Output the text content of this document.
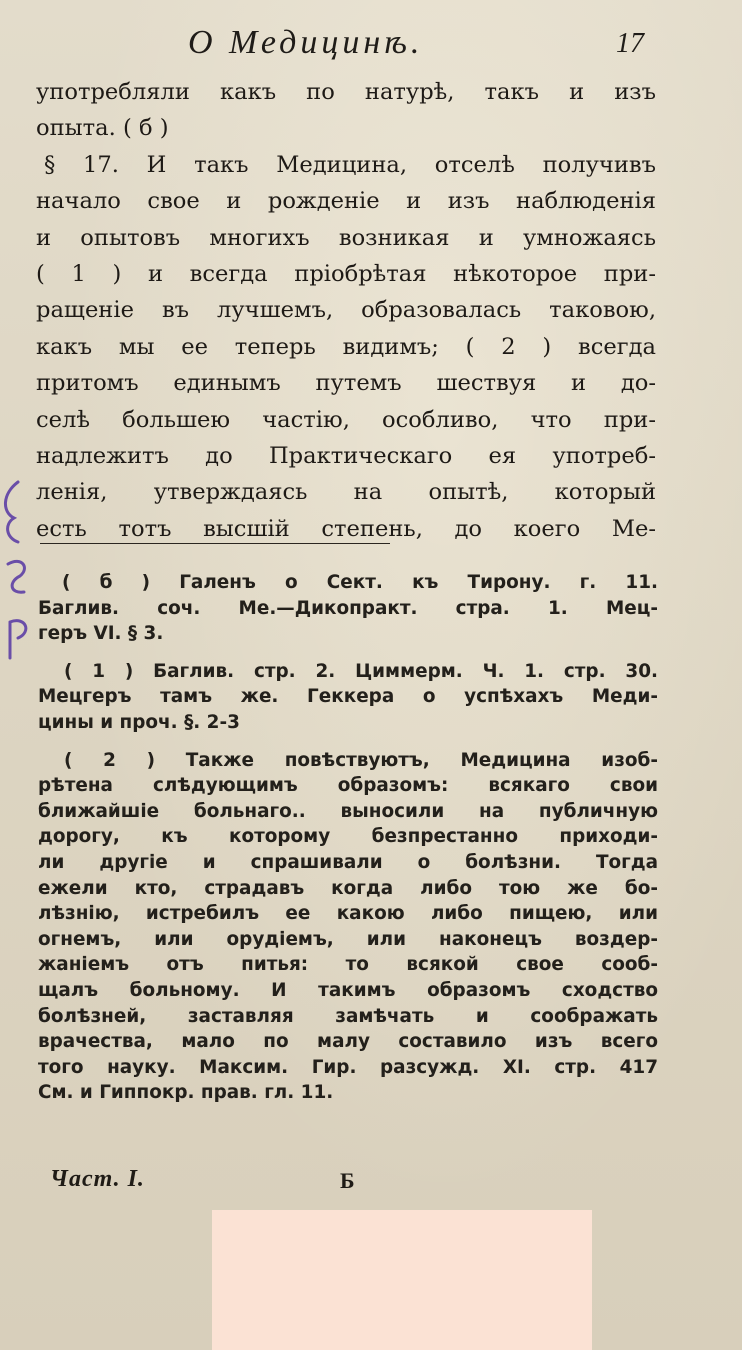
О Медицинѣ.	17
употребляли какъ по натурѣ, такъ и изъ
опыта. ( б )
§ 17. И такъ Медицина, отселѣ получивъ
начало свое и рожденіе и изъ наблюденія
и опытовъ многихъ возникая и умножаясь
( 1 ) и всегда пріобрѣтая нѣкоторое при-
ращеніе въ лучшемъ, образовалась таковою,
какъ мы ее теперь видимъ; ( 2 ) всегда
притомъ единымъ путемъ шествуя и до-
селѣ большею частію, особливо, что при-
надлежитъ до Практическаго ея употреб-
ленія, утверждаясь на опытѣ, который
есть тотъ высшій степень, до коего Ме-
( б ) Галенъ о Сект. къ Тирону. г. 11.
Баглив. соч. Ме.—Дикопракт. стра. 1. Мец-
геръ VI. § 3.
( 1 ) Баглив. стр. 2. Циммерм. Ч. 1. стр. 30.
Мецгеръ тамъ же. Геккера о успѣхахъ Меди-
цины и проч. §. 2-3
( 2 ) Также повѣствуютъ, Медицина изоб-
рѣтена слѣдующимъ образомъ: всякаго свои
ближайшіе больнаго.. выносили на публичную
дорогу, къ которому безпрестанно приходи-
ли другіе и спрашивали о болѣзни. Тогда
ежели кто, страдавъ когда либо тою же бо-
лѣзнію, истребилъ ее какою либо пищею, или
огнемъ, или орудіемъ, или наконецъ воздер-
жаніемъ отъ питья: то всякой свое сооб-
щалъ больному. И такимъ образомъ сходство
болѣзней, заставляя замѣчать и соображать
врачества, мало по малу составило изъ всего
того науку. Максим. Гир. разсужд. XI. стр. 417
См. и Гиппокр. прав. гл. 11.
Част. I.	Б
